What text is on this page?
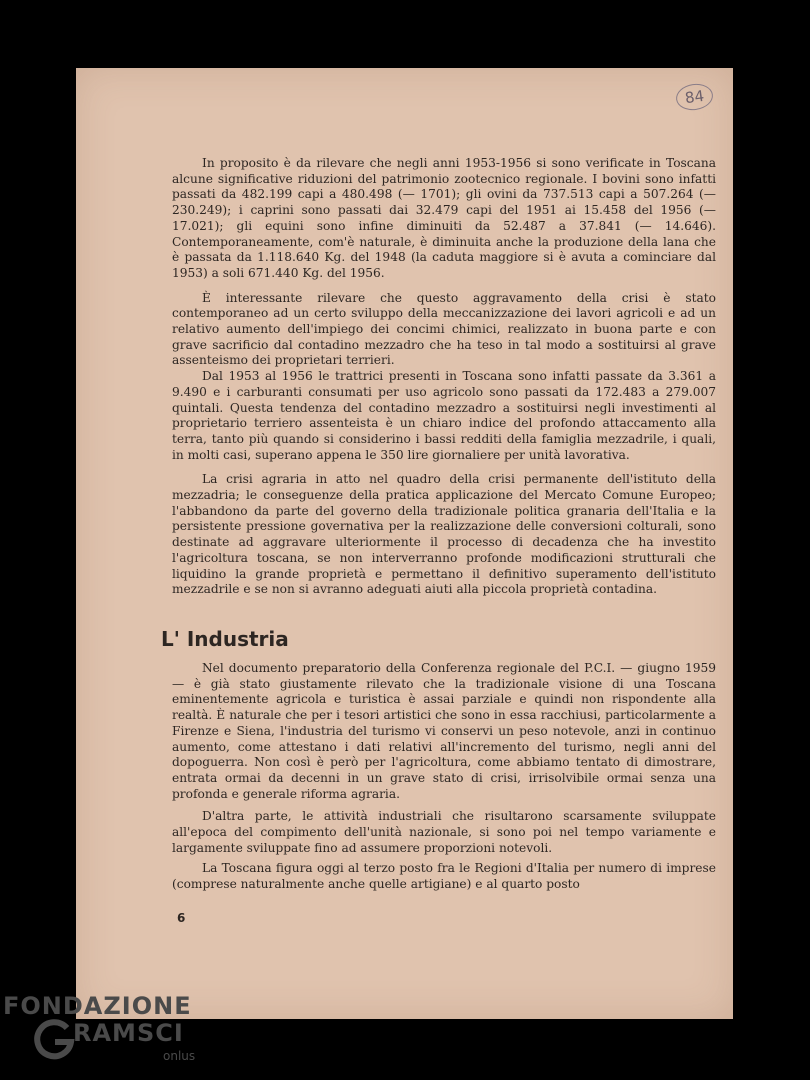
84

In proposito è da rilevare che negli anni 1953-1956 si sono verificate in Toscana alcune significative riduzioni del patrimonio zootecnico regionale. I bovini sono infatti passati da 482.199 capi a 480.498 (— 1701); gli ovini da 737.513 capi a 507.264 (— 230.249); i caprini sono passati dai 32.479 capi del 1951 ai 15.458 del 1956 (— 17.021); gli equini sono infine diminuiti da 52.487 a 37.841 (— 14.646). Contemporaneamente, com'è naturale, è diminuita anche la produzione della lana che è passata da 1.118.640 Kg. del 1948 (la caduta maggiore si è avuta a cominciare dal 1953) a soli 671.440 Kg. del 1956.

È interessante rilevare che questo aggravamento della crisi è stato contemporaneo ad un certo sviluppo della meccanizzazione dei lavori agricoli e ad un relativo aumento dell'impiego dei concimi chimici, realizzato in buona parte e con grave sacrificio dal contadino mezzadro che ha teso in tal modo a sostituirsi al grave assenteismo dei proprietari terrieri.

Dal 1953 al 1956 le trattrici presenti in Toscana sono infatti passate da 3.361 a 9.490 e i carburanti consumati per uso agricolo sono passati da 172.483 a 279.007 quintali. Questa tendenza del contadino mezzadro a sostituirsi negli investimenti al proprietario terriero assenteista è un chiaro indice del profondo attaccamento alla terra, tanto più quando si considerino i bassi redditi della famiglia mezzadrile, i quali, in molti casi, superano appena le 350 lire giornaliere per unità lavorativa.

La crisi agraria in atto nel quadro della crisi permanente dell'istituto della mezzadria; le conseguenze della pratica applicazione del Mercato Comune Europeo; l'abbandono da parte del governo della tradizionale politica granaria dell'Italia e la persistente pressione governativa per la realizzazione delle conversioni colturali, sono destinate ad aggravare ulteriormente il processo di decadenza che ha investito l'agricoltura toscana, se non interverranno profonde modificazioni strutturali che liquidino la grande proprietà e permettano il definitivo superamento dell'istituto mezzadrile e se non si avranno adeguati aiuti alla piccola proprietà contadina.

L' Industria

Nel documento preparatorio della Conferenza regionale del P.C.I. — giugno 1959 — è già stato giustamente rilevato che la tradizionale visione di una Toscana eminentemente agricola e turistica è assai parziale e quindi non rispondente alla realtà. È naturale che per i tesori artistici che sono in essa racchiusi, particolarmente a Firenze e Siena, l'industria del turismo vi conservi un peso notevole, anzi in continuo aumento, come attestano i dati relativi all'incremento del turismo, negli anni del dopoguerra. Non così è però per l'agricoltura, come abbiamo tentato di dimostrare, entrata ormai da decenni in un grave stato di crisi, irrisolvibile ormai senza una profonda e generale riforma agraria.

D'altra parte, le attività industriali che risultarono scarsamente sviluppate all'epoca del compimento dell'unità nazionale, si sono poi nel tempo variamente e largamente sviluppate fino ad assumere proporzioni notevoli.

La Toscana figura oggi al terzo posto fra le Regioni d'Italia per numero di imprese (comprese naturalmente anche quelle artigiane) e al quarto posto

6
FONDAZIONE
RAMSCI
onlus
